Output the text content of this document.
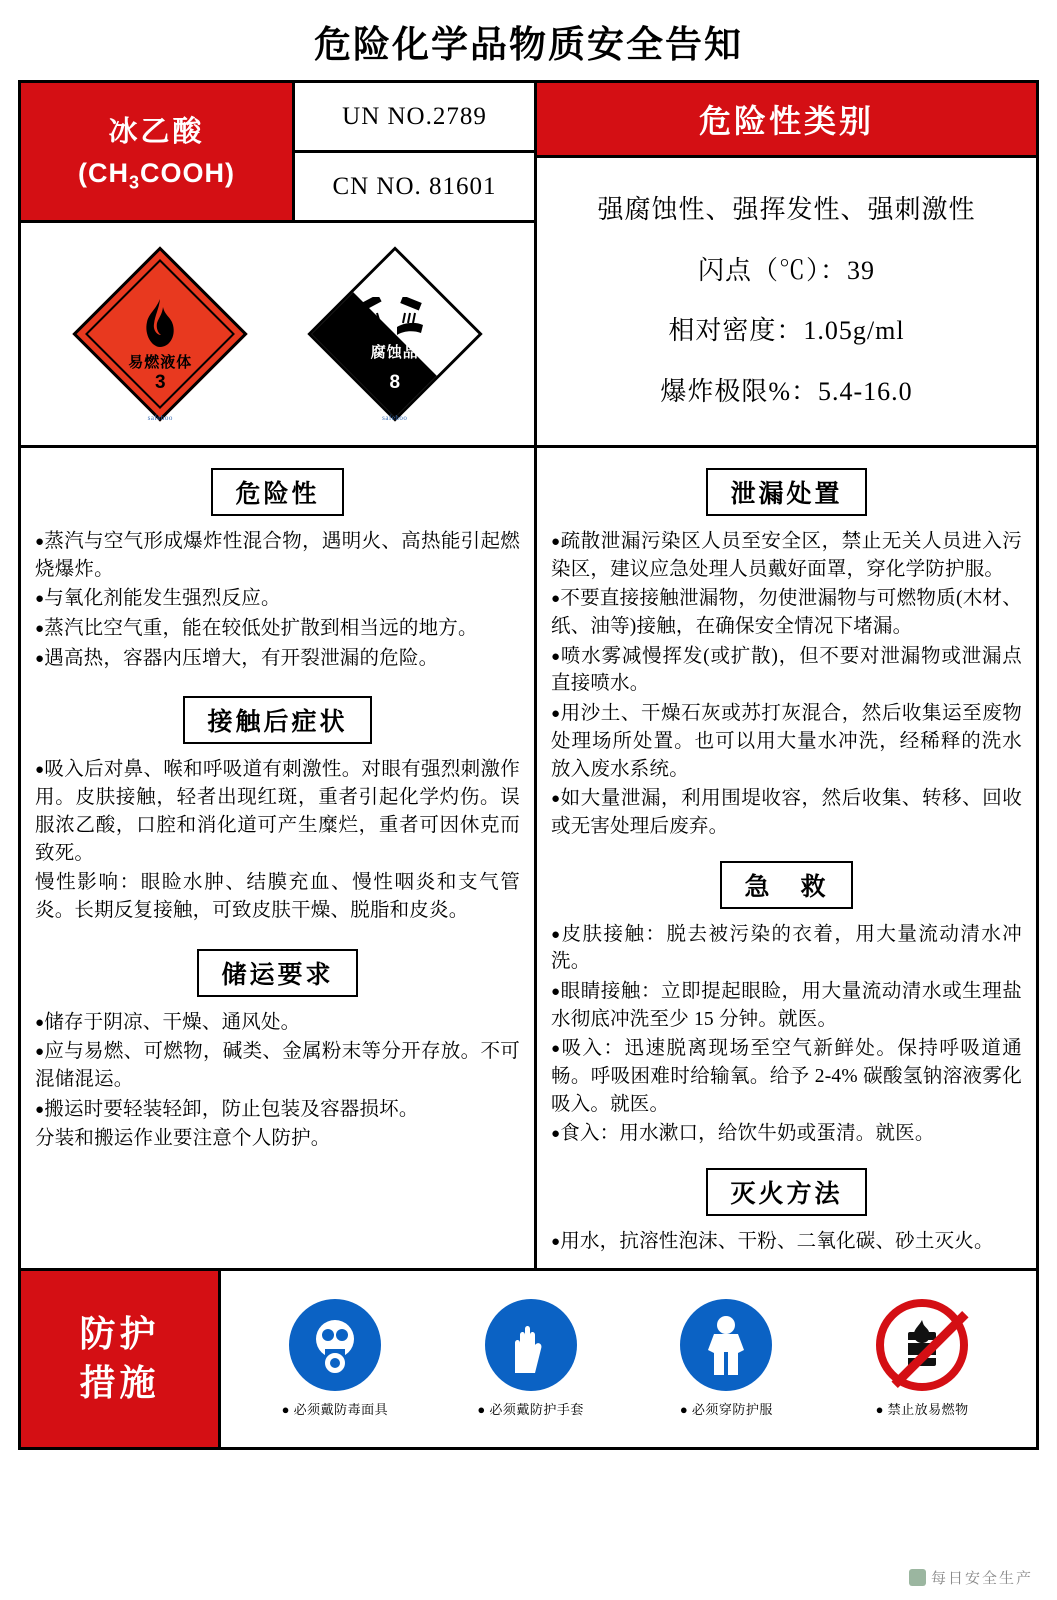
危险化学品物质安全告知
冰乙酸
$(CH_3COOH)$
UN NO.2789
CN NO. 81601
易燃液体
3
safehoo
腐蚀品
8
safehoo
危险性类别
强腐蚀性、强挥发性、强刺激性
闪点（℃）：39
相对密度：1.05g/ml
爆炸极限%：5.4-16.0
危险性

●蒸汽与空气形成爆炸性混合物，遇明火、高热能引起燃烧爆炸。

●与氧化剂能发生强烈反应。

●蒸汽比空气重，能在较低处扩散到相当远的地方。

●遇高热，容器内压增大，有开裂泄漏的危险。

接触后症状

●吸入后对鼻、喉和呼吸道有刺激性。对眼有强烈刺激作用。皮肤接触，轻者出现红斑，重者引起化学灼伤。误服浓乙酸，口腔和消化道可产生糜烂，重者可因休克而致死。

慢性影响：眼睑水肿、结膜充血、慢性咽炎和支气管炎。长期反复接触，可致皮肤干燥、脱脂和皮炎。

储运要求

●储存于阴凉、干燥、通风处。

●应与易燃、可燃物，碱类、金属粉末等分开存放。不可混储混运。

●搬运时要轻装轻卸，防止包装及容器损坏。

分装和搬运作业要注意个人防护。

泄漏处置

●疏散泄漏污染区人员至安全区，禁止无关人员进入污染区，建议应急处理人员戴好面罩，穿化学防护服。

●不要直接接触泄漏物，勿使泄漏物与可燃物质(木材、纸、油等)接触，在确保安全情况下堵漏。

●喷水雾减慢挥发(或扩散)，但不要对泄漏物或泄漏点直接喷水。

●用沙土、干燥石灰或苏打灰混合，然后收集运至废物处理场所处置。也可以用大量水冲洗，经稀释的洗水放入废水系统。

●如大量泄漏，利用围堤收容，然后收集、转移、回收或无害处理后废弃。

急　救

●皮肤接触：脱去被污染的衣着，用大量流动清水冲洗。

●眼睛接触：立即提起眼睑，用大量流动清水或生理盐水彻底冲洗至少 15 分钟。就医。

●吸入：迅速脱离现场至空气新鲜处。保持呼吸道通畅。呼吸困难时给输氧。给予 2-4% 碳酸氢钠溶液雾化吸入。就医。

●食入：用水漱口，给饮牛奶或蛋清。就医。

灭火方法

●用水，抗溶性泡沫、干粉、二氧化碳、砂土灭火。

防护
措施
● 必须戴防毒面具	● 必须戴防护手套	● 必须穿防护服	● 禁止放易燃物
每日安全生产
